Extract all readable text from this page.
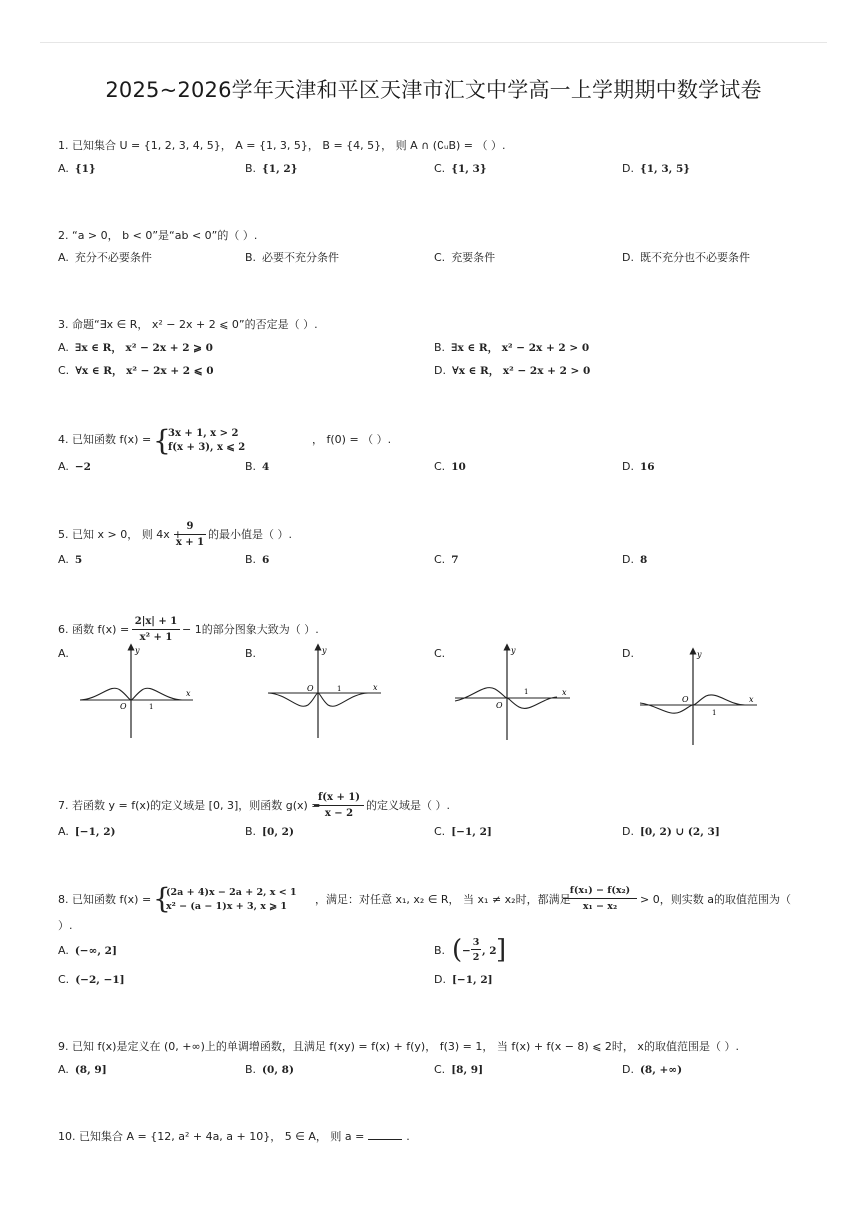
2025~2026学年天津和平区天津市汇文中学高一上学期期中数学试卷
1. 已知集合 U = {1, 2, 3, 4, 5}， A = {1, 3, 5}， B = {4, 5}， 则 A ∩ (∁ᵤB) = （ ）.
A. {1}	B. {1, 2}	C. {1, 3}	D. {1, 3, 5}
2. “a > 0， b < 0”是“ab < 0”的（ ）.
A. 充分不必要条件	B. 必要不充分条件	C. 充要条件	D. 既不充分也不必要条件
3. 命题“∃x ∈ R， x² − 2x + 2 ⩽ 0”的否定是（ ）.
A. ∃x ∈ R， x² − 2x + 2 ⩾ 0	B. ∃x ∈ R， x² − 2x + 2 > 0
C. ∀x ∈ R， x² − 2x + 2 ⩽ 0	D. ∀x ∈ R， x² − 2x + 2 > 0
4. 已知函数 f(x) = {
3x + 1, x > 2
f(x + 3), x ⩽ 2
， f(0) = （ ）.
A. −2	B. 4	C. 10	D. 16
5. 已知 x > 0， 则 4x +
9
x + 1
的最小值是（ ）.
A. 5	B. 6	C. 7	D. 8
6. 函数 f(x) =
2|x| + 1
x² + 1
− 1的部分图象大致为（ ）.
A.	B.	C.	D.
y
x
O	1
y
x
O	1
y
x
O
1
y
x
O
1
7. 若函数 y = f(x)的定义域是 [0, 3]，则函数 g(x) =
f(x + 1)
x − 2
的定义域是（ ）.
A. [−1, 2)	B. [0, 2)	C. [−1, 2]	D. [0, 2) ∪ (2, 3]
8. 已知函数 f(x) = {
(2a + 4)x − 2a + 2, x < 1
x² − (a − 1)x + 3, x ⩾ 1
，满足：对任意 x₁, x₂ ∈ R， 当 x₁ ≠ x₂时，都满足
f(x₁) − f(x₂)
x₁ − x₂
> 0，则实数 a的取值范围为（
）.
A. (−∞, 2]	B. ( −
3
2
, 2 ]
C. (−2, −1]	D. [−1, 2]
9. 已知 f(x)是定义在 (0, +∞)上的单调增函数，且满足 f(xy) = f(x) + f(y)， f(3) = 1， 当 f(x) + f(x − 8) ⩽ 2时， x的取值范围是（ ）.
A. (8, 9]	B. (0, 8)	C. [8, 9]	D. (8, +∞)
10. 已知集合 A = {12, a² + 4a, a + 10}， 5 ∈ A， 则 a =	.
